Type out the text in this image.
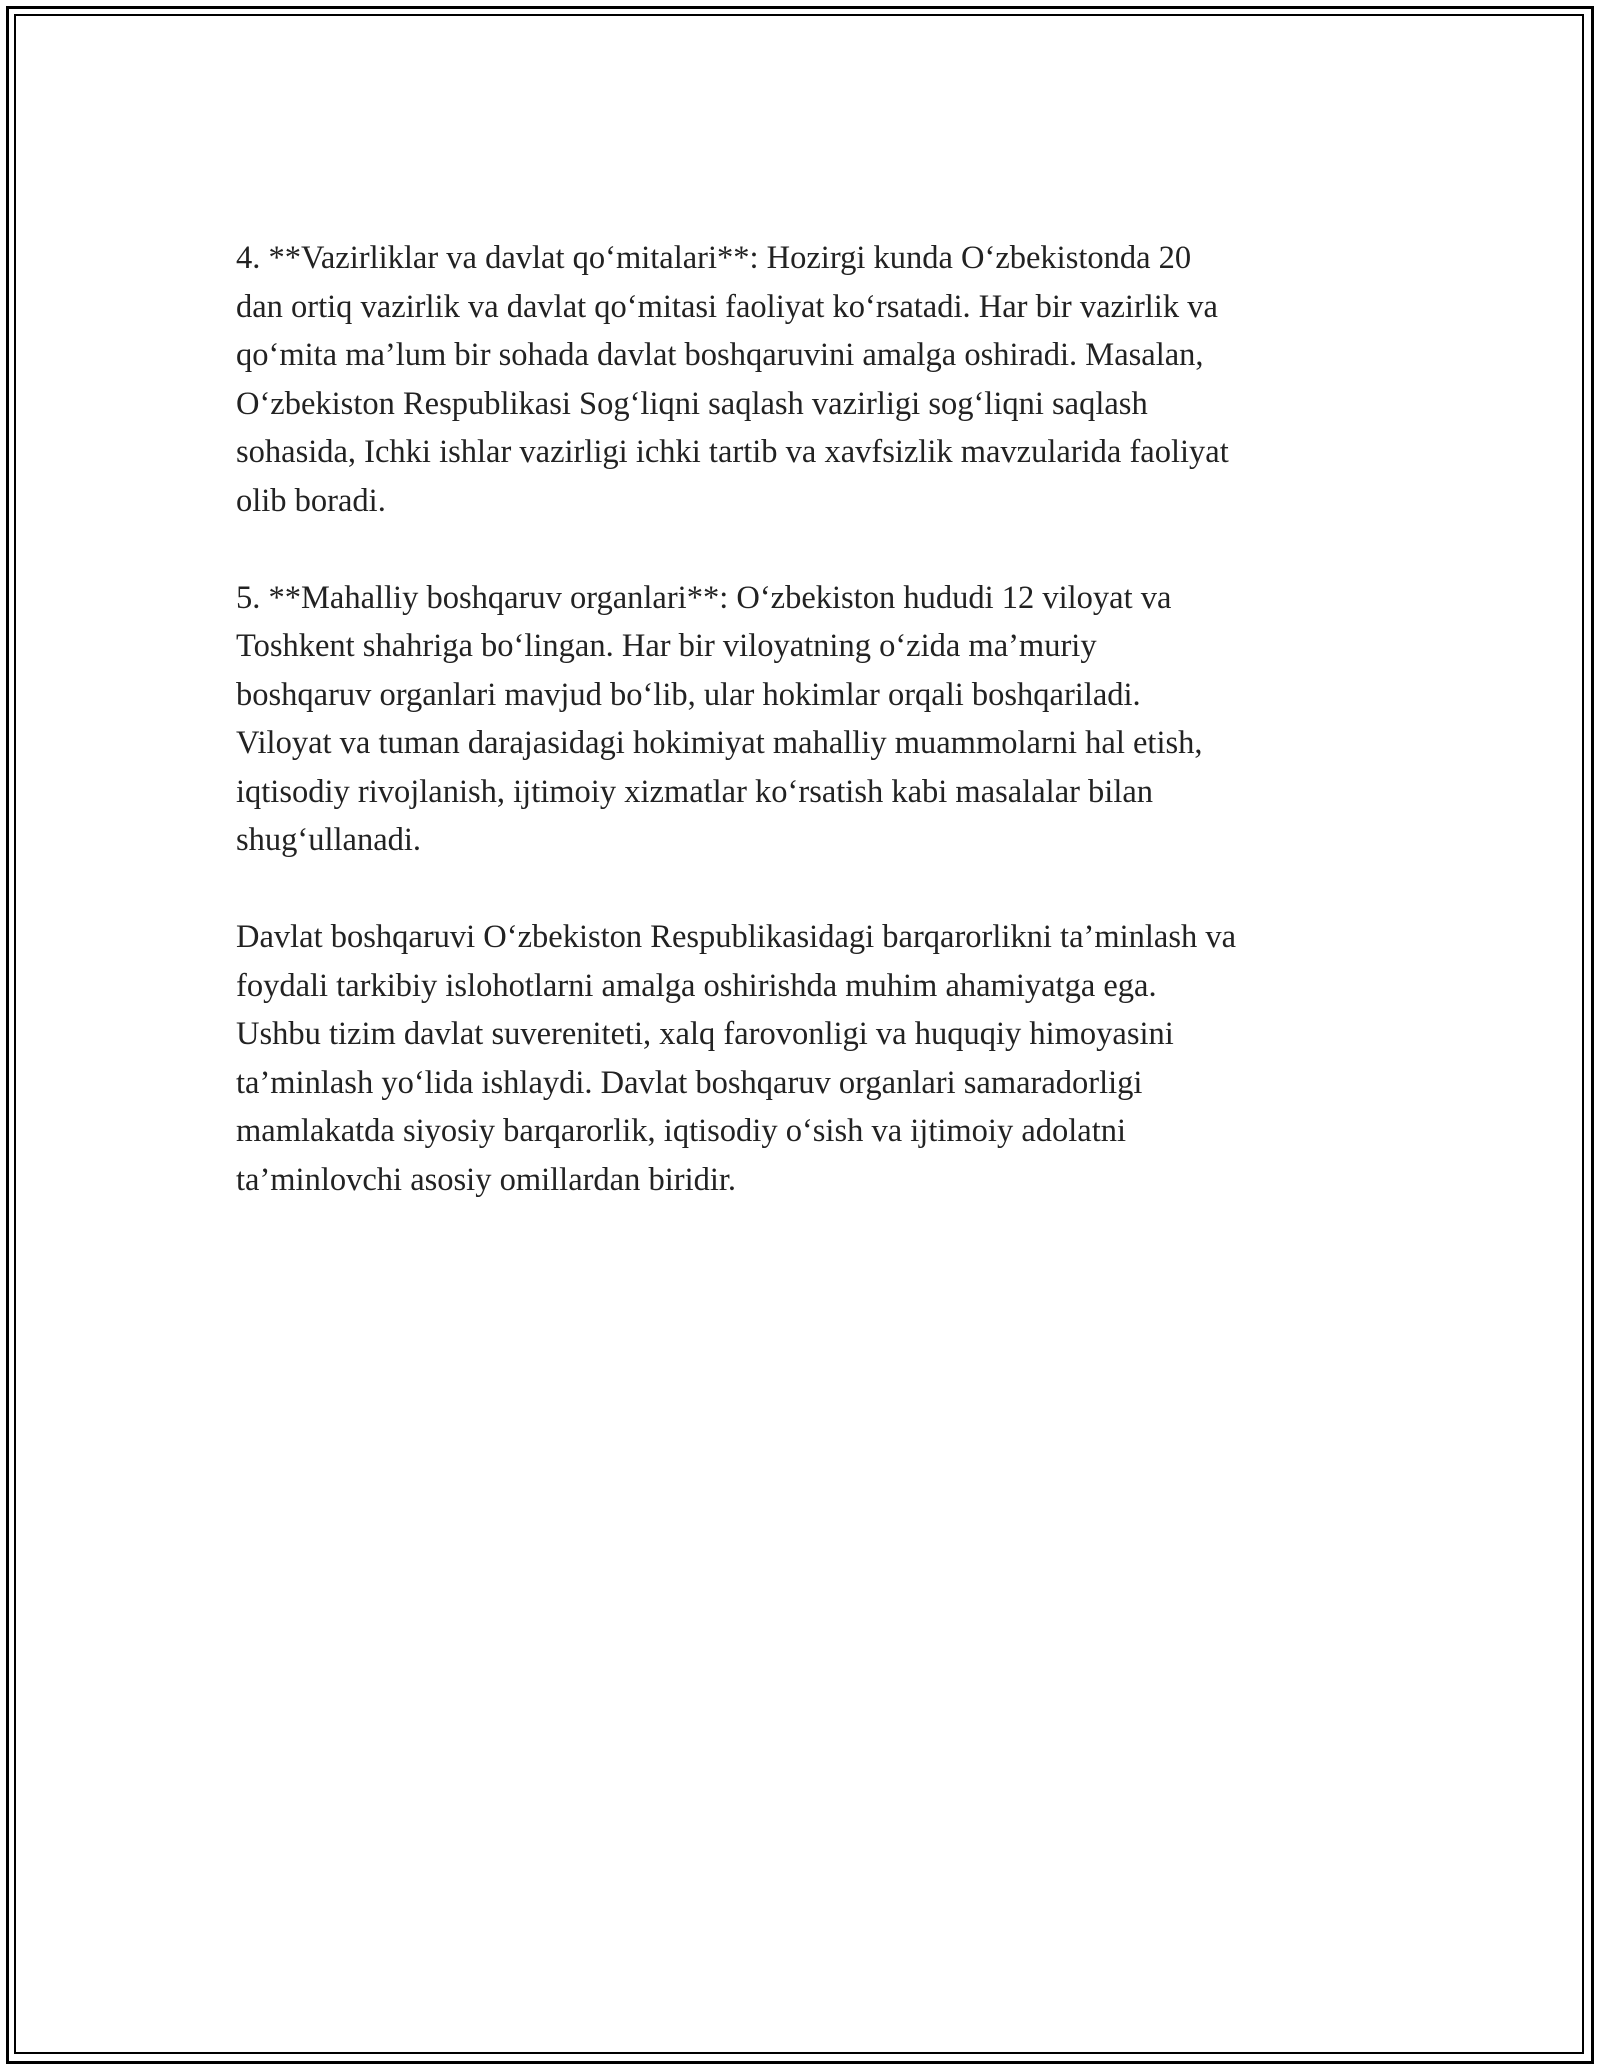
4. **Vazirliklar va davlat qo‘mitalari**: Hozirgi kunda O‘zbekistonda 20
dan ortiq vazirlik va davlat qo‘mitasi faoliyat ko‘rsatadi. Har bir vazirlik va
qo‘mita ma’lum bir sohada davlat boshqaruvini amalga oshiradi. Masalan,
O‘zbekiston Respublikasi Sog‘liqni saqlash vazirligi sog‘liqni saqlash
sohasida, Ichki ishlar vazirligi ichki tartib va xavfsizlik mavzularida faoliyat
olib boradi.

5. **Mahalliy boshqaruv organlari**: O‘zbekiston hududi 12 viloyat va
Toshkent shahriga bo‘lingan. Har bir viloyatning o‘zida ma’muriy
boshqaruv organlari mavjud bo‘lib, ular hokimlar orqali boshqariladi.
Viloyat va tuman darajasidagi hokimiyat mahalliy muammolarni hal etish,
iqtisodiy rivojlanish, ijtimoiy xizmatlar ko‘rsatish kabi masalalar bilan
shug‘ullanadi.

Davlat boshqaruvi O‘zbekiston Respublikasidagi barqarorlikni ta’minlash va
foydali tarkibiy islohotlarni amalga oshirishda muhim ahamiyatga ega.
Ushbu tizim davlat suvereniteti, xalq farovonligi va huquqiy himoyasini
ta’minlash yo‘lida ishlaydi. Davlat boshqaruv organlari samaradorligi
mamlakatda siyosiy barqarorlik, iqtisodiy o‘sish va ijtimoiy adolatni
ta’minlovchi asosiy omillardan biridir.
